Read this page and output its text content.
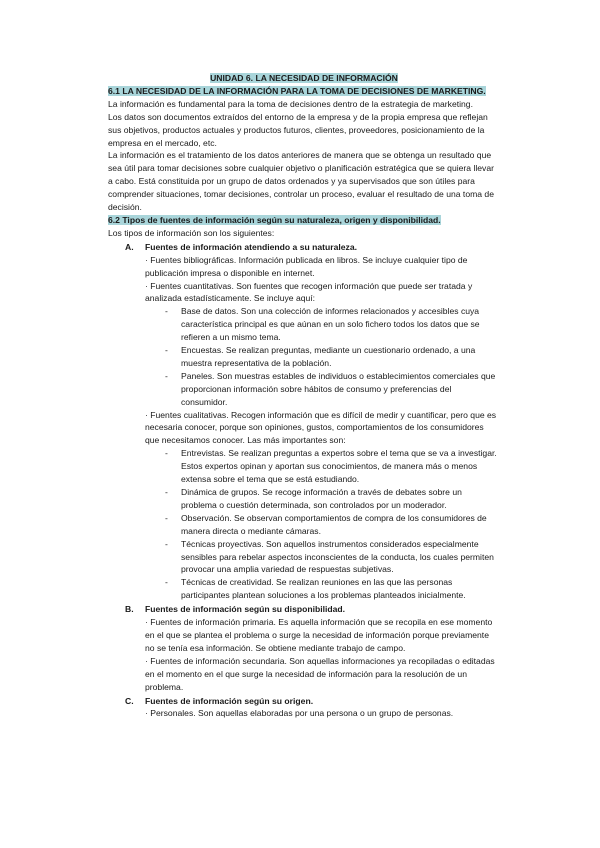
UNIDAD 6. LA NECESIDAD DE INFORMACIÓN

6.1 LA NECESIDAD DE LA INFORMACIÓN PARA LA TOMA DE DECISIONES DE MARKETING.

La información es fundamental para la toma de decisiones dentro de la estrategia de marketing.

Los datos son documentos extraídos del entorno de la empresa y de la propia empresa que reflejan sus objetivos, productos actuales y productos futuros, clientes, proveedores, posicionamiento de la empresa en el mercado, etc.

La información es el tratamiento de los datos anteriores de manera que se obtenga un resultado que sea útil para tomar decisiones sobre cualquier objetivo o planificación estratégica que se quiera llevar a cabo. Está constituida por un grupo de datos ordenados y ya supervisados que son útiles para comprender situaciones, tomar decisiones, controlar un proceso, evaluar el resultado de una toma de decisión.

6.2 Tipos de fuentes de información según su naturaleza, origen y disponibilidad.

Los tipos de información son los siguientes:

A. Fuentes de información atendiendo a su naturaleza.

· Fuentes bibliográficas. Información publicada en libros. Se incluye cualquier tipo de publicación impresa o disponible en internet.

· Fuentes cuantitativas. Son fuentes que recogen información que puede ser tratada y analizada estadísticamente. Se incluye aquí:

- Base de datos. Son una colección de informes relacionados y accesibles cuya característica principal es que aúnan en un solo fichero todos los datos que se refieren a un mismo tema.

- Encuestas. Se realizan preguntas, mediante un cuestionario ordenado, a una muestra representativa de la población.

- Paneles. Son muestras estables de individuos o establecimientos comerciales que proporcionan información sobre hábitos de consumo y preferencias del consumidor.

· Fuentes cualitativas. Recogen información que es difícil de medir y cuantificar, pero que es necesaria conocer, porque son opiniones, gustos, comportamientos de los consumidores que necesitamos conocer. Las más importantes son:

- Entrevistas. Se realizan preguntas a expertos sobre el tema que se va a investigar. Estos expertos opinan y aportan sus conocimientos, de manera más o menos extensa sobre el tema que se está estudiando.

- Dinámica de grupos. Se recoge información a través de debates sobre un problema o cuestión determinada, son controlados por un moderador.

- Observación. Se observan comportamientos de compra de los consumidores de manera directa o mediante cámaras.

- Técnicas proyectivas. Son aquellos instrumentos considerados especialmente sensibles para rebelar aspectos inconscientes de la conducta, los cuales permiten provocar una amplia variedad de respuestas subjetivas.

- Técnicas de creatividad. Se realizan reuniones en las que las personas participantes plantean soluciones a los problemas planteados inicialmente.

B. Fuentes de información según su disponibilidad.

· Fuentes de información primaria. Es aquella información que se recopila en ese momento en el que se plantea el problema o surge la necesidad de información porque previamente no se tenía esa información. Se obtiene mediante trabajo de campo.

· Fuentes de información secundaria. Son aquellas informaciones ya recopiladas o editadas en el momento en el que surge la necesidad de información para la resolución de un problema.

C. Fuentes de información según su origen.

· Personales. Son aquellas elaboradas por una persona o un grupo de personas.
